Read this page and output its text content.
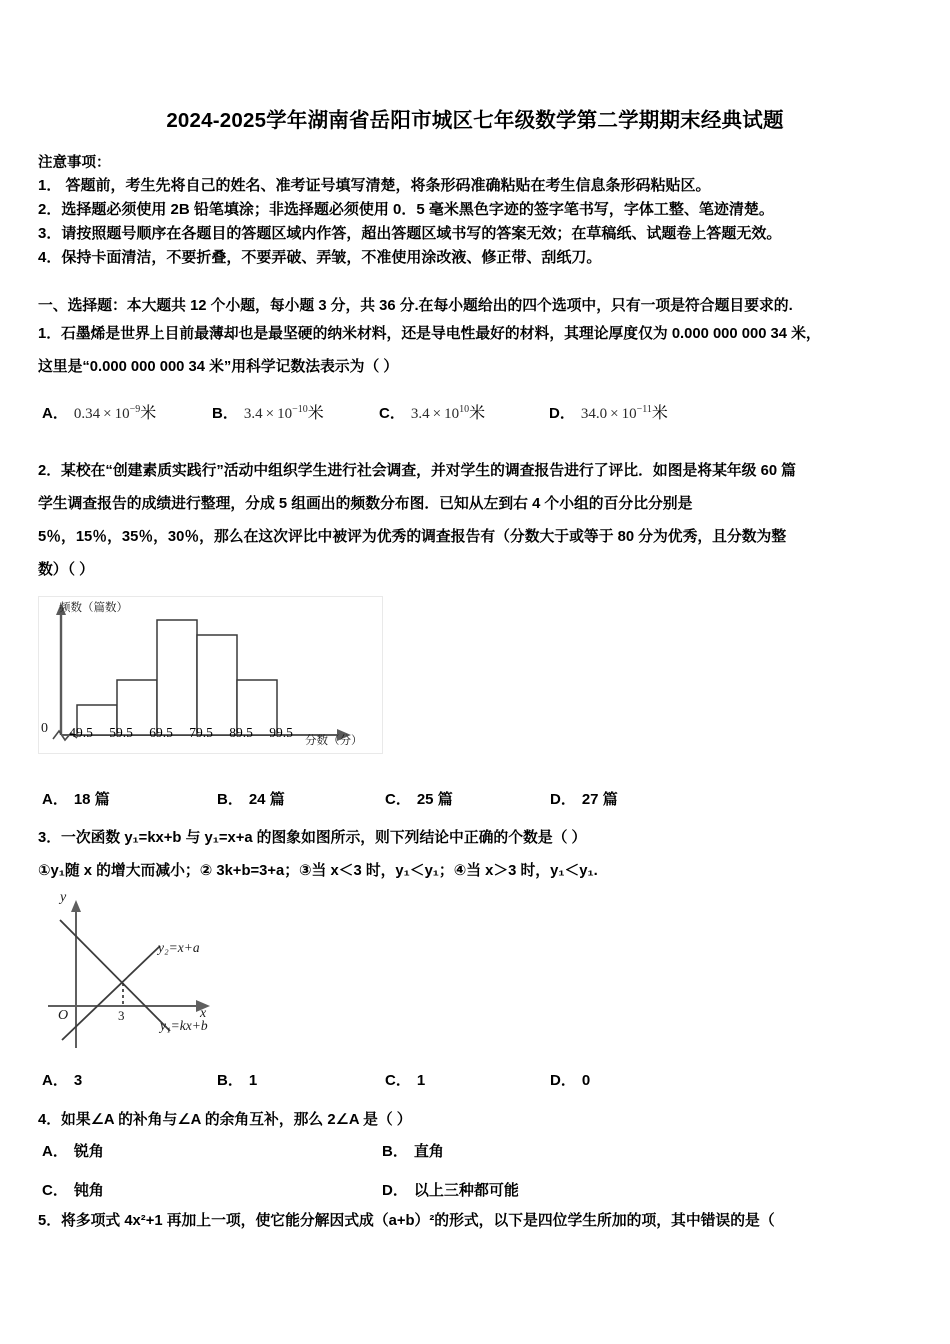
2024-2025学年湖南省岳阳市城区七年级数学第二学期期末经典试题
注意事项：
1． 答题前，考生先将自己的姓名、准考证号填写清楚，将条形码准确粘贴在考生信息条形码粘贴区。
2．选择题必须使用 2B 铅笔填涂；非选择题必须使用 0．5 毫米黑色字迹的签字笔书写，字体工整、笔迹清楚。
3．请按照题号顺序在各题目的答题区域内作答，超出答题区域书写的答案无效；在草稿纸、试题卷上答题无效。
4．保持卡面清洁，不要折叠，不要弄破、弄皱，不准使用涂改液、修正带、刮纸刀。
一、选择题：本大题共 12 个小题，每小题 3 分，共 36 分.在每小题给出的四个选项中，只有一项是符合题目要求的.
1．石墨烯是世界上目前最薄却也是最坚硬的纳米材料，还是导电性最好的材料，其理论厚度仅为 0.000 000 000 34 米，
这里是“0.000 000 000 34 米”用科学记数法表示为（ ）
A． $0.34 \times 10^{-9}$米	B． $3.4 \times 10^{-10}$米	C． $3.4 \times 10^{10}$米	D． $34.0 \times 10^{-11}$米
2．某校在“创建素质实践行”活动中组织学生进行社会调查，并对学生的调查报告进行了评比．如图是将某年级 60 篇
学生调查报告的成绩进行整理，分成 5 组画出的频数分布图．已知从左到右 4 个小组的百分比分别是
5％，15％，35％，30％，那么在这次评比中被评为优秀的调查报告有（分数大于或等于 80 分为优秀，且分数为整
数）（ ）
频数（篇数）
0	49.5	59.5	69.5	79.5	89.5	99.5
分数（分）
A． 18 篇	B． 24 篇	C． 25 篇	D． 27 篇
3．一次函数 y₁=kx+b 与 y₁=x+a 的图象如图所示，则下列结论中正确的个数是（ ）
①y₁随 x 的增大而减小；② 3k+b=3+a；③当 x＜3 时，y₁＜y₁；④当 x＞3 时，y₁＜y₁.
y
x
O	3
y₂=x+a
y₁=kx+b
A． 3	B． 1	C． 1	D． 0
4．如果∠A 的补角与∠A 的余角互补，那么 2∠A 是（ ）
A． 锐角	B． 直角
C． 钝角	D． 以上三种都可能
5．将多项式 4x²+1 再加上一项，使它能分解因式成（a+b）²的形式，以下是四位学生所加的项，其中错误的是（
